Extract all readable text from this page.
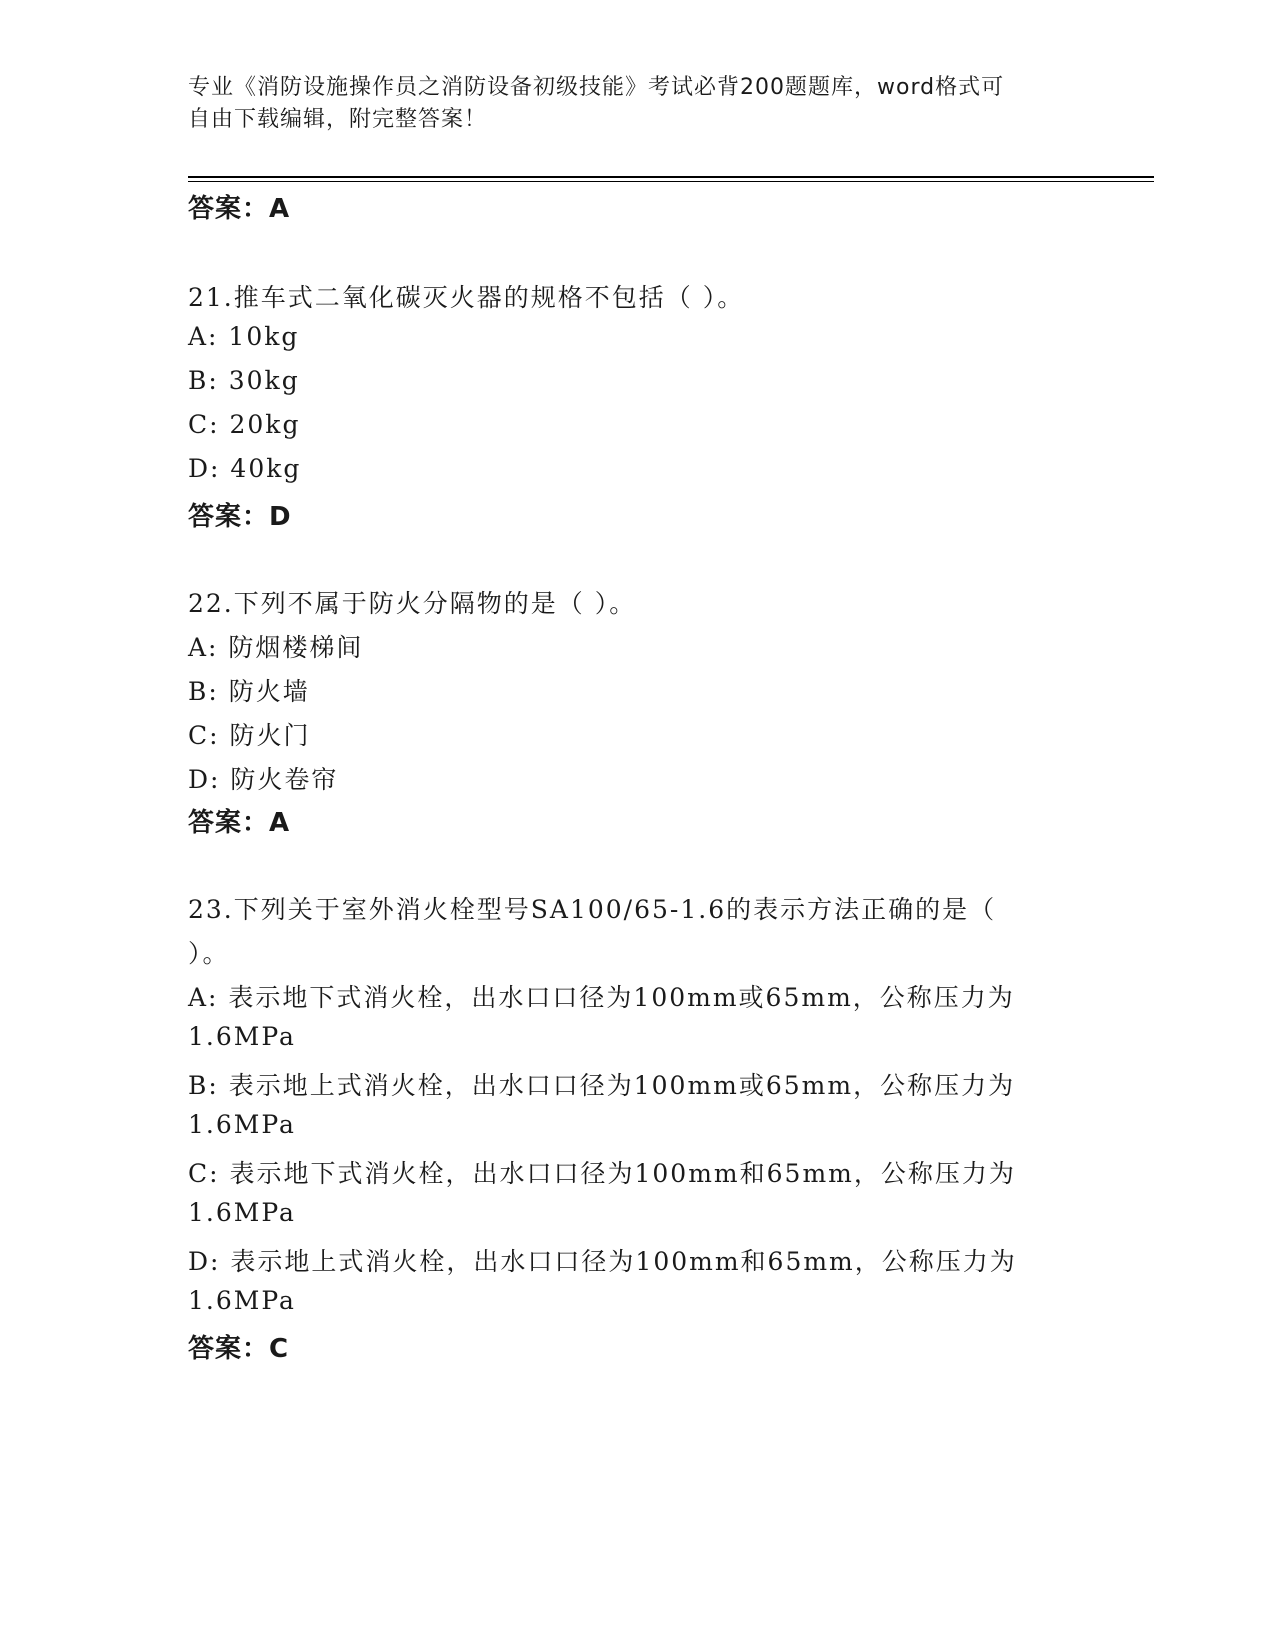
专业《消防设施操作员之消防设备初级技能》考试必背200题题库，word格式可
自由下载编辑，附完整答案！
答案：A
21.推车式二氧化碳灭火器的规格不包括（ ）。
A: 10kg
B: 30kg
C: 20kg
D: 40kg
答案：D
22.下列不属于防火分隔物的是（ ）。
A: 防烟楼梯间
B: 防火墙
C: 防火门
D: 防火卷帘
答案：A
23.下列关于室外消火栓型号SA100/65-1.6的表示方法正确的是（
）。
A: 表示地下式消火栓，出水口口径为100mm或65mm，公称压力为
1.6MPa
B: 表示地上式消火栓，出水口口径为100mm或65mm，公称压力为
1.6MPa
C: 表示地下式消火栓，出水口口径为100mm和65mm，公称压力为
1.6MPa
D: 表示地上式消火栓，出水口口径为100mm和65mm，公称压力为
1.6MPa
答案：C
